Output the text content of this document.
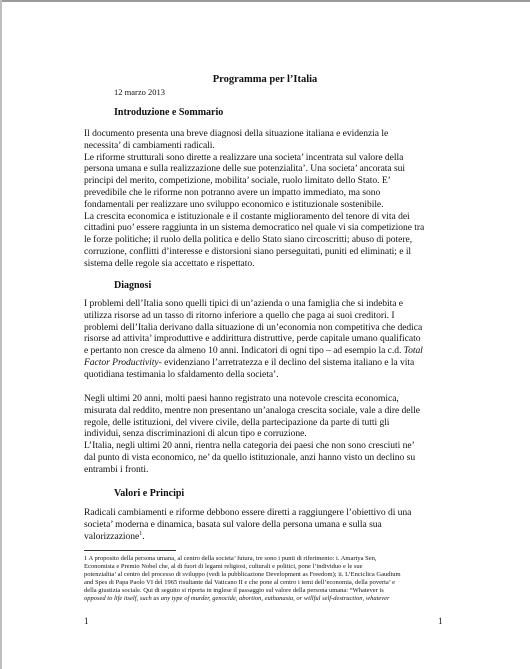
Programma per l’Italia
12 marzo 2013
Introduzione e Sommario

Il documento presenta una breve diagnosi della situazione italiana e evidenzia le

necessita’ di cambiamenti radicali.

Le riforme strutturali sono dirette a realizzare una societa’ incentrata sul valore della

persona umana e sulla realizzazione delle sue potenzialita’. Una societa’ ancorata sui

principi del merito, competizione, mobilita’ sociale, ruolo limitato dello Stato. E’

prevedibile che le riforme non potranno avere un impatto immediato, ma sono

fondamentali per realizzare uno sviluppo economico e istituzionale sostenibile.

La crescita economica e istituzionale e il costante miglioramento del tenore di vita dei

cittadini puo’ essere raggiunta in un sistema democratico nel quale vi sia competizione tra

le forze politiche; il ruolo della politica e dello Stato siano circoscritti; abuso di potere,

corruzione, conflitti d’interesse e distorsioni siano perseguitati, puniti ed eliminati; e il

sistema delle regole sia accettato e rispettato.

Diagnosi

I problemi dell’Italia sono quelli tipici di un’azienda o una famiglia che si indebita e

utilizza risorse ad un tasso di ritorno inferiore a quello che paga ai suoi creditori. I

problemi dell’Italia derivano dalla situazione di un’economia non competitiva che dedica

risorse ad attivita’ improduttive e addirittura distruttive, perde capitale umano qualificato

e pertanto non cresce da almeno 10 anni. Indicatori di ogni tipo – ad esempio la c.d. Total

Factor Productivity- evidenziano l’arretratezza e il declino del sistema italiano e la vita

quotidiana testimania lo sfaldamento della societa’.

Negli ultimi 20 anni, molti paesi hanno registrato una notevole crescita economica,

misurata dal reddito, mentre non presentano un’analoga crescita sociale, vale a dire delle

regole, delle istituzioni, del vivere civile, della partecipazione da parte di tutti gli

individui, senza discriminazioni di alcun tipo e corruzione.

L’Italia, negli ultimi 20 anni, rientra nella categoria dei paesi che non sono cresciuti ne’

dal punto di vista economico, ne’ da quello istituzionale, anzi hanno visto un declino su

entrambi i fronti.

Valori e Principi

Radicali cambiamenti e riforme debbono essere diretti a raggiungere l’obiettivo di una

societa’ moderna e dinamica, basata sul valore della persona umana e sulla sua

valorizzazione$^1$.

1 A proposito della persona umana, al centro della societa’ futura, tre sono i punti di riferimento: i. Amartya Sen,

Economista e Premio Nobel che, al di fuori di legami religiosi, culturali e politici, pone l’individuo e le sue

potenzialita’ al centro del processo di sviluppo (vedi la pubblicazione Development as Freedom); ii. L’Enciclica Gaudium

and Spes di Papa Paolo VI del 1965 risultante dal Vaticano II e che pone al centro i temi dell’economia, della poverta’ e

della giustizia sociale. Qui di seguito si riporta in inglese il passaggio sul valore della persona umana: “Whatever is

opposed to life itself, such as any type of murder, genocide, abortion, euthanasia, or willful self-destruction, whatever

1	1
